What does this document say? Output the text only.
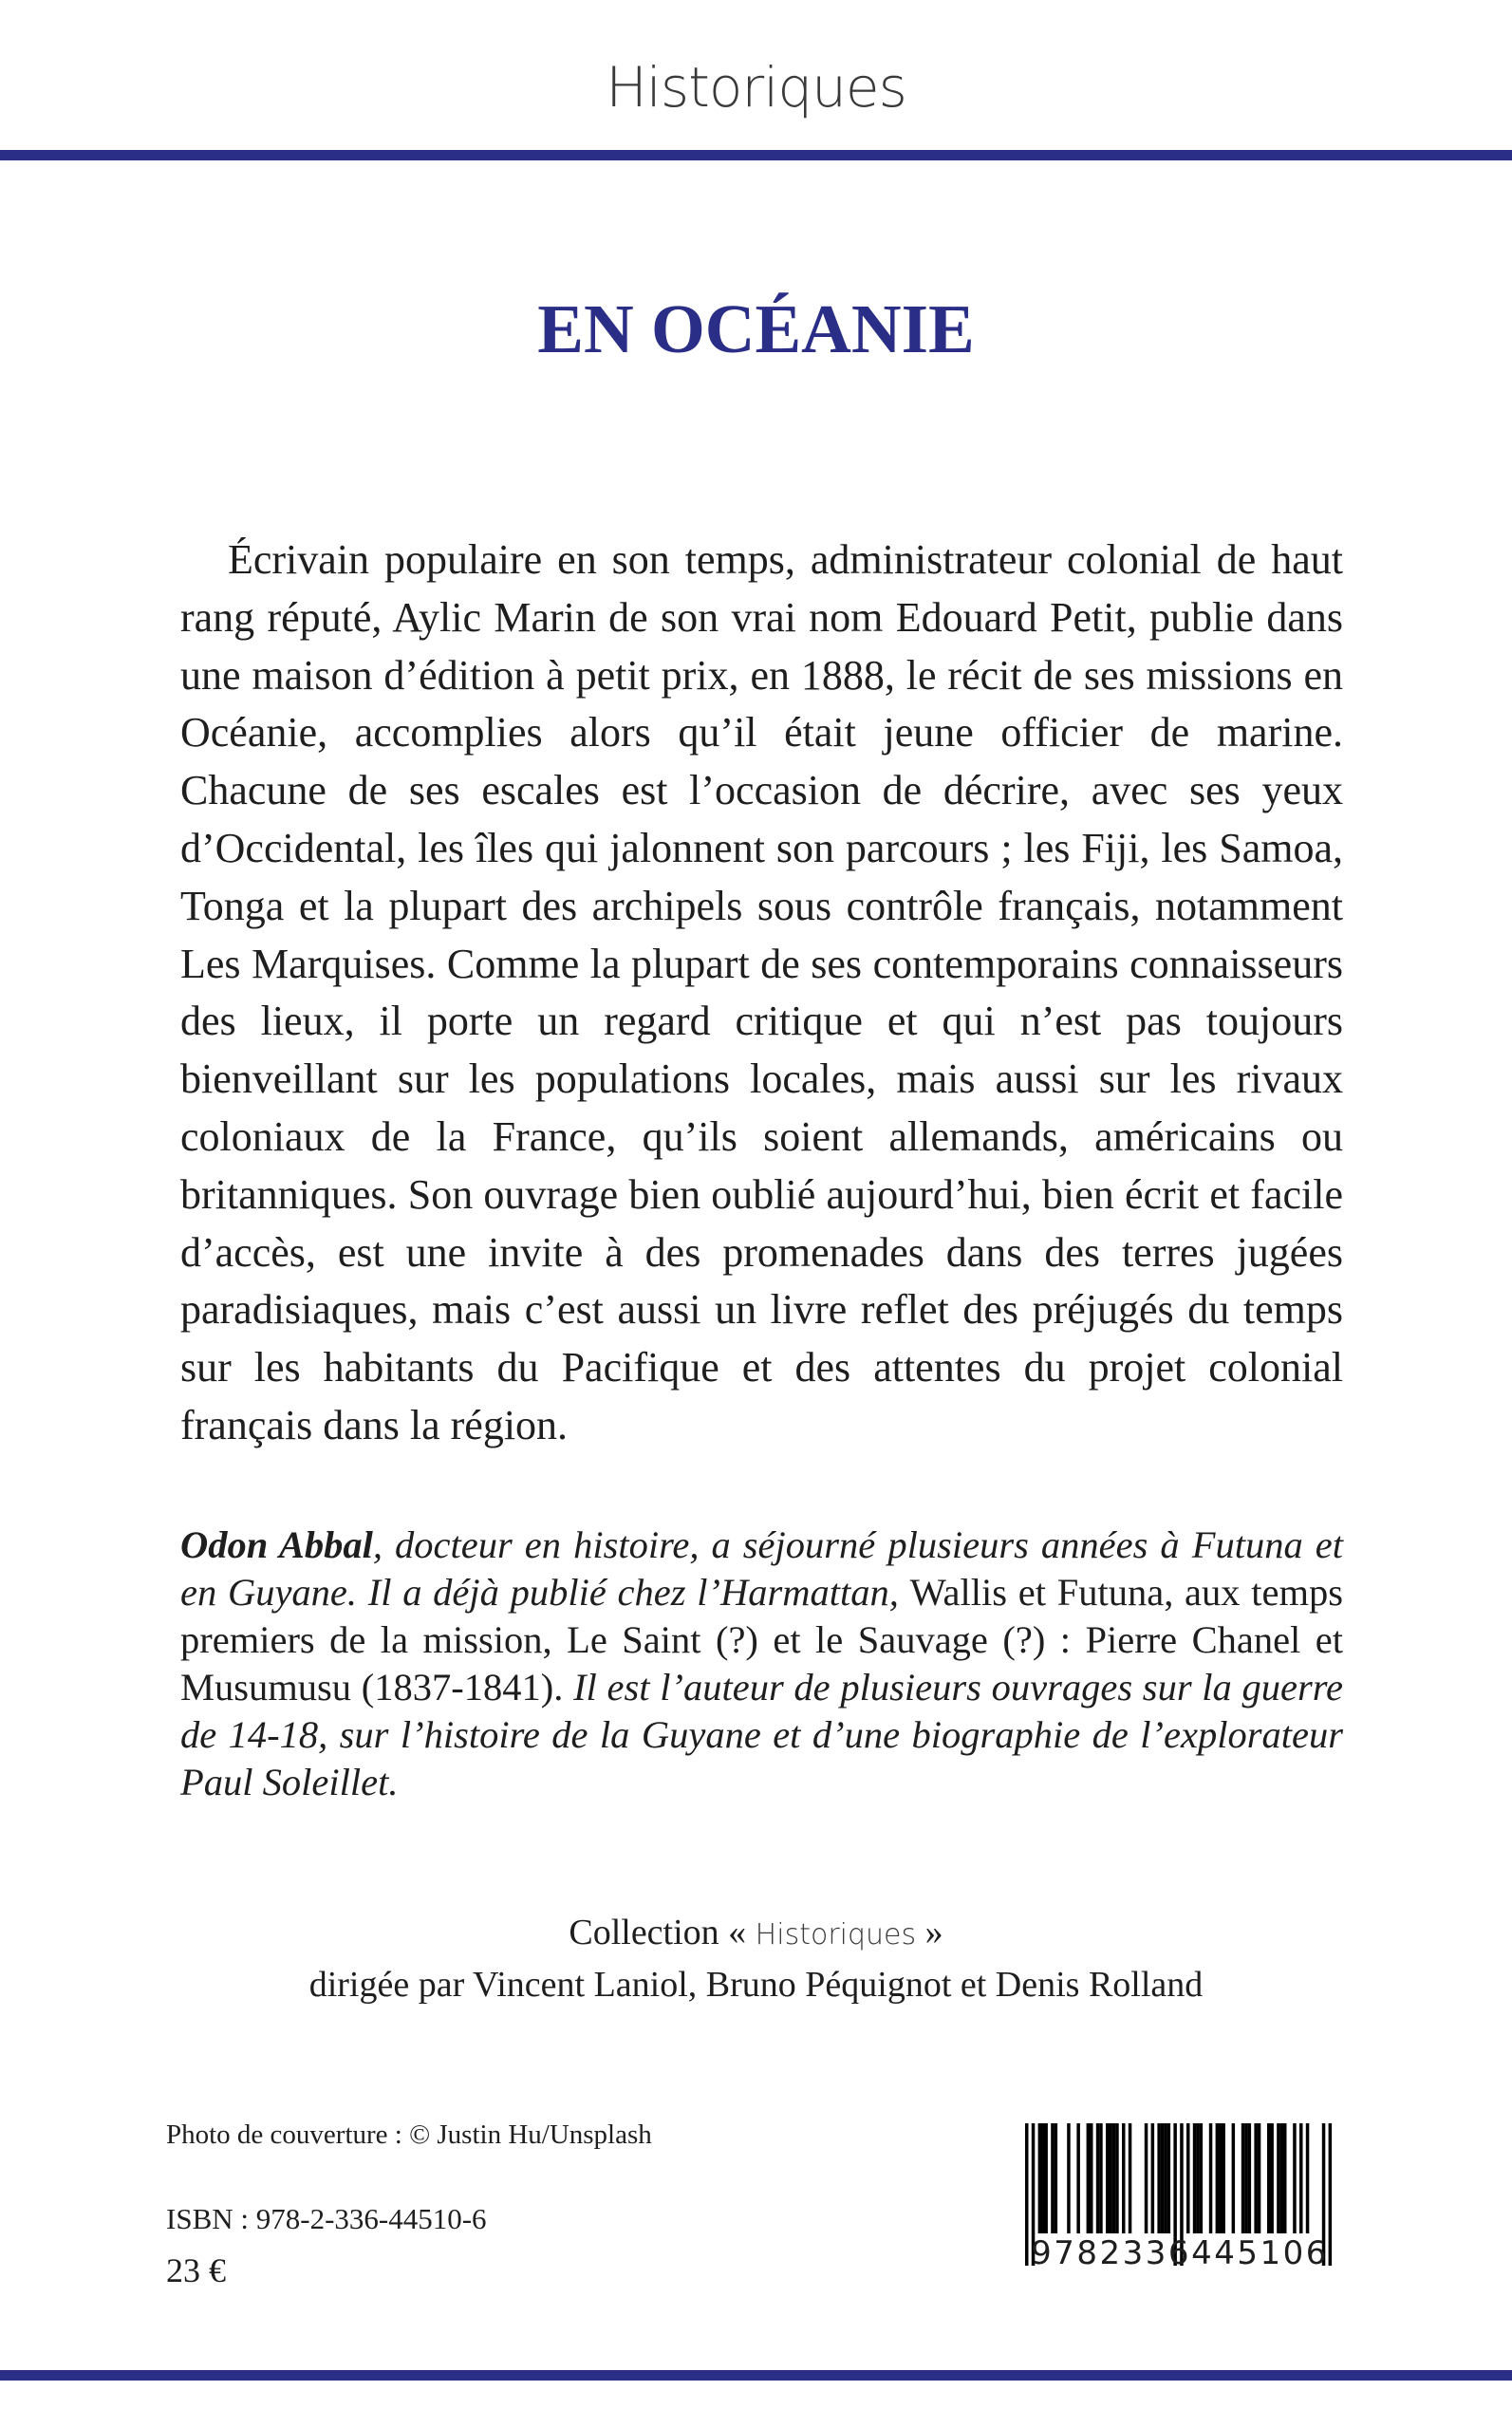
Historiques
EN OCÉANIE

Écrivain populaire en son temps, administrateur colonial de haut rang réputé, Aylic Marin de son vrai nom Edouard Petit, publie dans une maison d’édition à petit prix, en 1888, le récit de ses missions en Océanie, accomplies alors qu’il était jeune officier de marine. Chacune de ses escales est l’occasion de décrire, avec ses yeux d’Occidental, les îles qui jalonnent son parcours ; les Fiji, les Samoa, Tonga et la plupart des archipels sous contrôle français, notamment Les Marquises. Comme la plupart de ses contemporains connaisseurs des lieux, il porte un regard critique et qui n’est pas toujours bienveillant sur les populations locales, mais aussi sur les rivaux coloniaux de la France, qu’ils soient allemands, américains ou britanniques. Son ouvrage bien oublié aujourd’hui, bien écrit et facile d’accès, est une invite à des promenades dans des terres jugées paradisiaques, mais c’est aussi un livre reflet des préjugés du temps sur les habitants du Pacifique et des attentes du projet colonial français dans la région.

Odon Abbal, docteur en histoire, a séjourné plusieurs années à Futuna et en Guyane. Il a déjà publié chez l’Harmattan, Wallis et Futuna, aux temps premiers de la mission, Le Saint (?) et le Sauvage (?) : Pierre Chanel et Musumusu (1837-1841). Il est l’auteur de plusieurs ouvrages sur la guerre de 14-18, sur l’histoire de la Guyane et d’une biographie de l’explorateur Paul Soleillet.

Collection « Historiques »
dirigée par Vincent Laniol, Bruno Péquignot et Denis Rolland
Photo de couverture : © Justin Hu/Unsplash
ISBN : 978-2-336-44510-6
23 €	9782336445106
